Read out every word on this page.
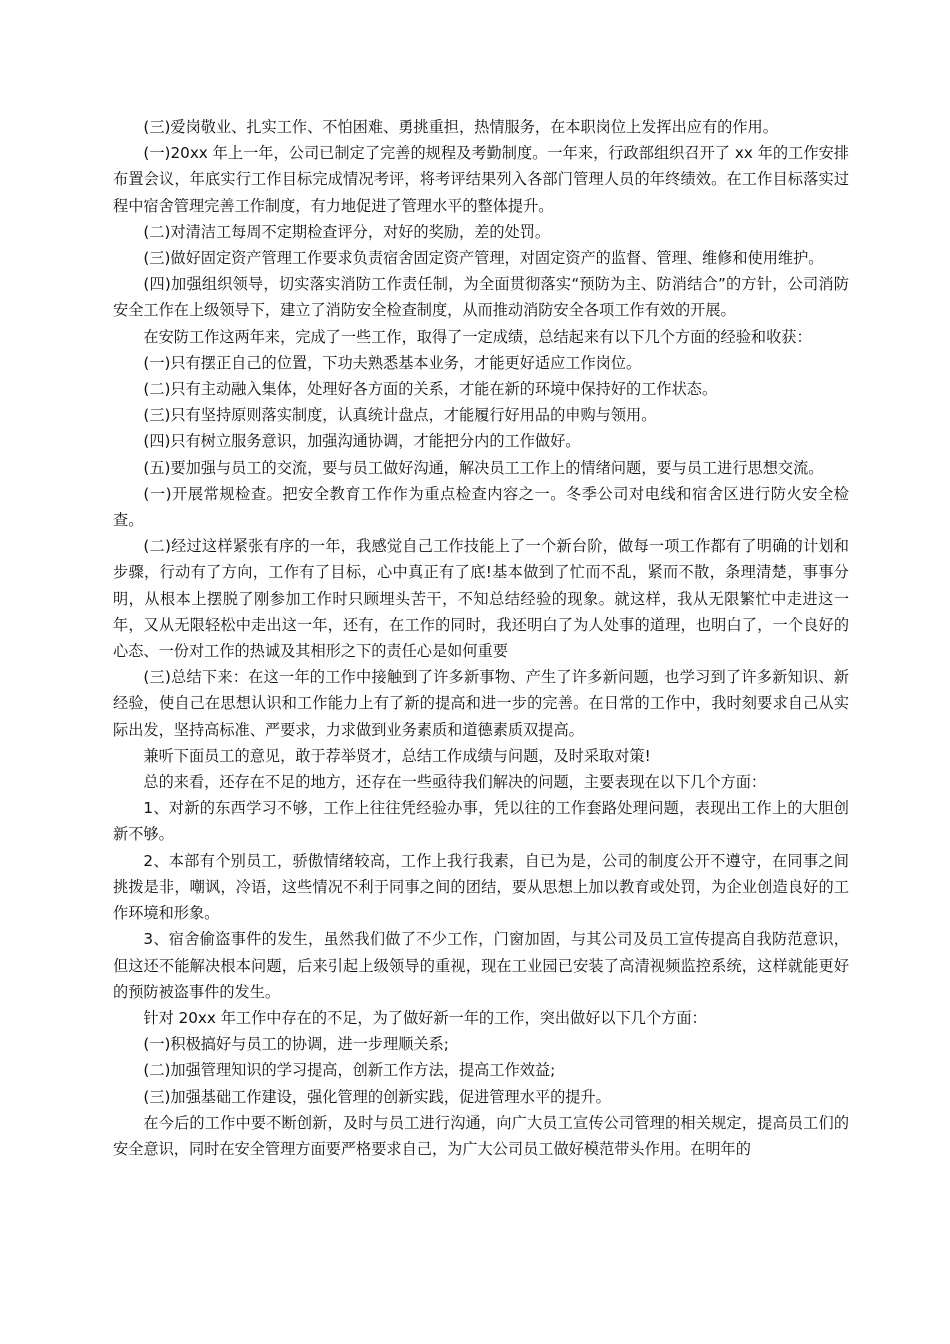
(三)爱岗敬业、扎实工作、不怕困难、勇挑重担，热情服务，在本职岗位上发挥出应有的作用。

(一)20xx 年上一年，公司已制定了完善的规程及考勤制度。一年来，行政部组织召开了 xx 年的工作安排布置会议，年底实行工作目标完成情况考评，将考评结果列入各部门管理人员的年终绩效。在工作目标落实过程中宿舍管理完善工作制度，有力地促进了管理水平的整体提升。

(二)对清洁工每周不定期检查评分，对好的奖励，差的处罚。

(三)做好固定资产管理工作要求负责宿舍固定资产管理，对固定资产的监督、管理、维修和使用维护。

(四)加强组织领导，切实落实消防工作责任制，为全面贯彻落实“预防为主、防消结合”的方针，公司消防安全工作在上级领导下，建立了消防安全检查制度，从而推动消防安全各项工作有效的开展。

在安防工作这两年来，完成了一些工作，取得了一定成绩，总结起来有以下几个方面的经验和收获：

(一)只有摆正自己的位置，下功夫熟悉基本业务，才能更好适应工作岗位。

(二)只有主动融入集体，处理好各方面的关系，才能在新的环境中保持好的工作状态。

(三)只有坚持原则落实制度，认真统计盘点，才能履行好用品的申购与领用。

(四)只有树立服务意识，加强沟通协调，才能把分内的工作做好。

(五)要加强与员工的交流，要与员工做好沟通，解决员工工作上的情绪问题，要与员工进行思想交流。

(一)开展常规检查。把安全教育工作作为重点检查内容之一。冬季公司对电线和宿舍区进行防火安全检查。

(二)经过这样紧张有序的一年，我感觉自己工作技能上了一个新台阶，做每一项工作都有了明确的计划和步骤，行动有了方向，工作有了目标，心中真正有了底!基本做到了忙而不乱，紧而不散，条理清楚，事事分明，从根本上摆脱了刚参加工作时只顾埋头苦干，不知总结经验的现象。就这样，我从无限繁忙中走进这一年，又从无限轻松中走出这一年，还有，在工作的同时，我还明白了为人处事的道理，也明白了，一个良好的心态、一份对工作的热诚及其相形之下的责任心是如何重要

(三)总结下来：在这一年的工作中接触到了许多新事物、产生了许多新问题，也学习到了许多新知识、新经验，使自己在思想认识和工作能力上有了新的提高和进一步的完善。在日常的工作中，我时刻要求自己从实际出发，坚持高标准、严要求，力求做到业务素质和道德素质双提高。

兼听下面员工的意见，敢于荐举贤才，总结工作成绩与问题，及时采取对策!

总的来看，还存在不足的地方，还存在一些亟待我们解决的问题，主要表现在以下几个方面：

1、对新的东西学习不够，工作上往往凭经验办事，凭以往的工作套路处理问题，表现出工作上的大胆创新不够。

2、本部有个别员工，骄傲情绪较高，工作上我行我素，自已为是，公司的制度公开不遵守，在同事之间挑拨是非，嘲讽，冷语，这些情况不利于同事之间的团结，要从思想上加以教育或处罚，为企业创造良好的工作环境和形象。

3、宿舍偷盗事件的发生，虽然我们做了不少工作，门窗加固，与其公司及员工宣传提高自我防范意识，但这还不能解决根本问题，后来引起上级领导的重视，现在工业园已安装了高清视频监控系统，这样就能更好的预防被盗事件的发生。

针对 20xx 年工作中存在的不足，为了做好新一年的工作，突出做好以下几个方面：

(一)积极搞好与员工的协调，进一步理顺关系;

(二)加强管理知识的学习提高，创新工作方法，提高工作效益;

(三)加强基础工作建设，强化管理的创新实践，促进管理水平的提升。

在今后的工作中要不断创新，及时与员工进行沟通，向广大员工宣传公司管理的相关规定，提高员工们的安全意识，同时在安全管理方面要严格要求自己，为广大公司员工做好模范带头作用。在明年的
